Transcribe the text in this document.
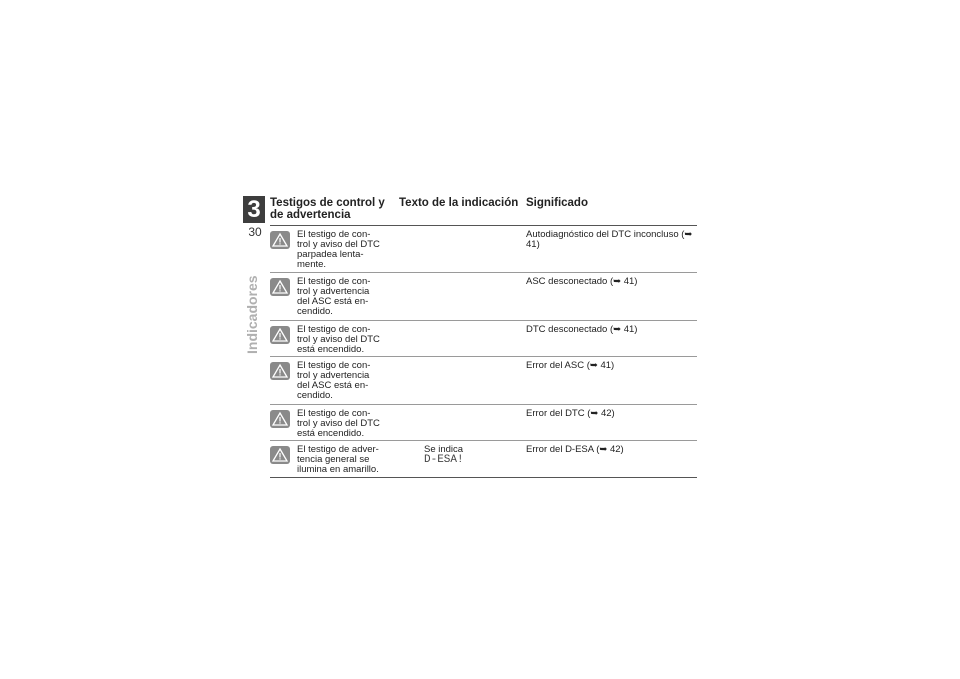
3
30
Indicadores
Testigos de control y de advertencia
Texto de la indicación Significado
El testigo de con-trol y aviso del DTC parpadea lenta-mente.
Autodiagnóstico del DTC inconcluso (➥ 41)
El testigo de con-trol y advertencia del ASC está en-cendido.
ASC desconectado (➥ 41)
El testigo de con-trol y aviso del DTC está encendido.
DTC desconectado (➥ 41)
El testigo de con-trol y advertencia del ASC está en-cendido.
Error del ASC (➥ 41)
El testigo de con-trol y aviso del DTC está encendido.
Error del DTC (➥ 42)
El testigo de adver-tencia general se ilumina en amarillo.
Se indica
D-ESA!
Error del D-ESA (➥ 42)
